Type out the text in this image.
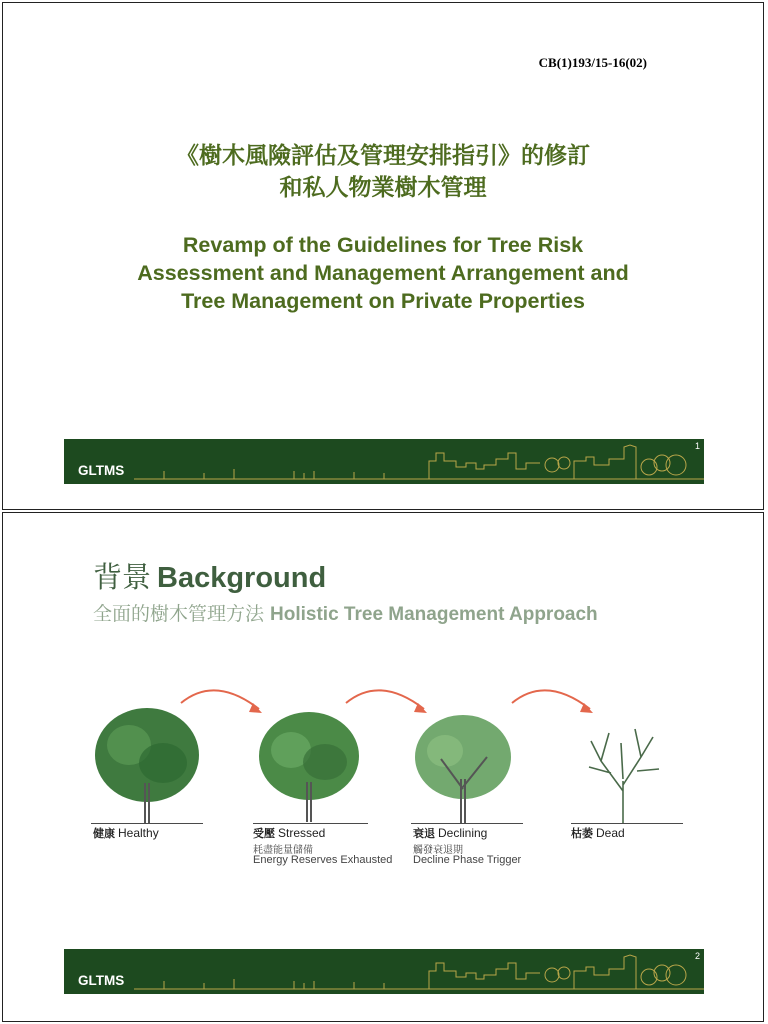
CB(1)193/15-16(02)
《樹木風險評估及管理安排指引》的修訂
和私人物業樹木管理
Revamp of the Guidelines for Tree Risk
Assessment and Management Arrangement and
Tree Management on Private Properties
GLTMS
1
背景 Background
全面的樹木管理方法 Holistic Tree Management Approach
健康 Healthy	受壓 Stressed
耗盡能量儲備
Energy Reserves Exhausted
衰退 Declining
觸發衰退期
Decline Phase Trigger
枯萎 Dead
GLTMS
2
